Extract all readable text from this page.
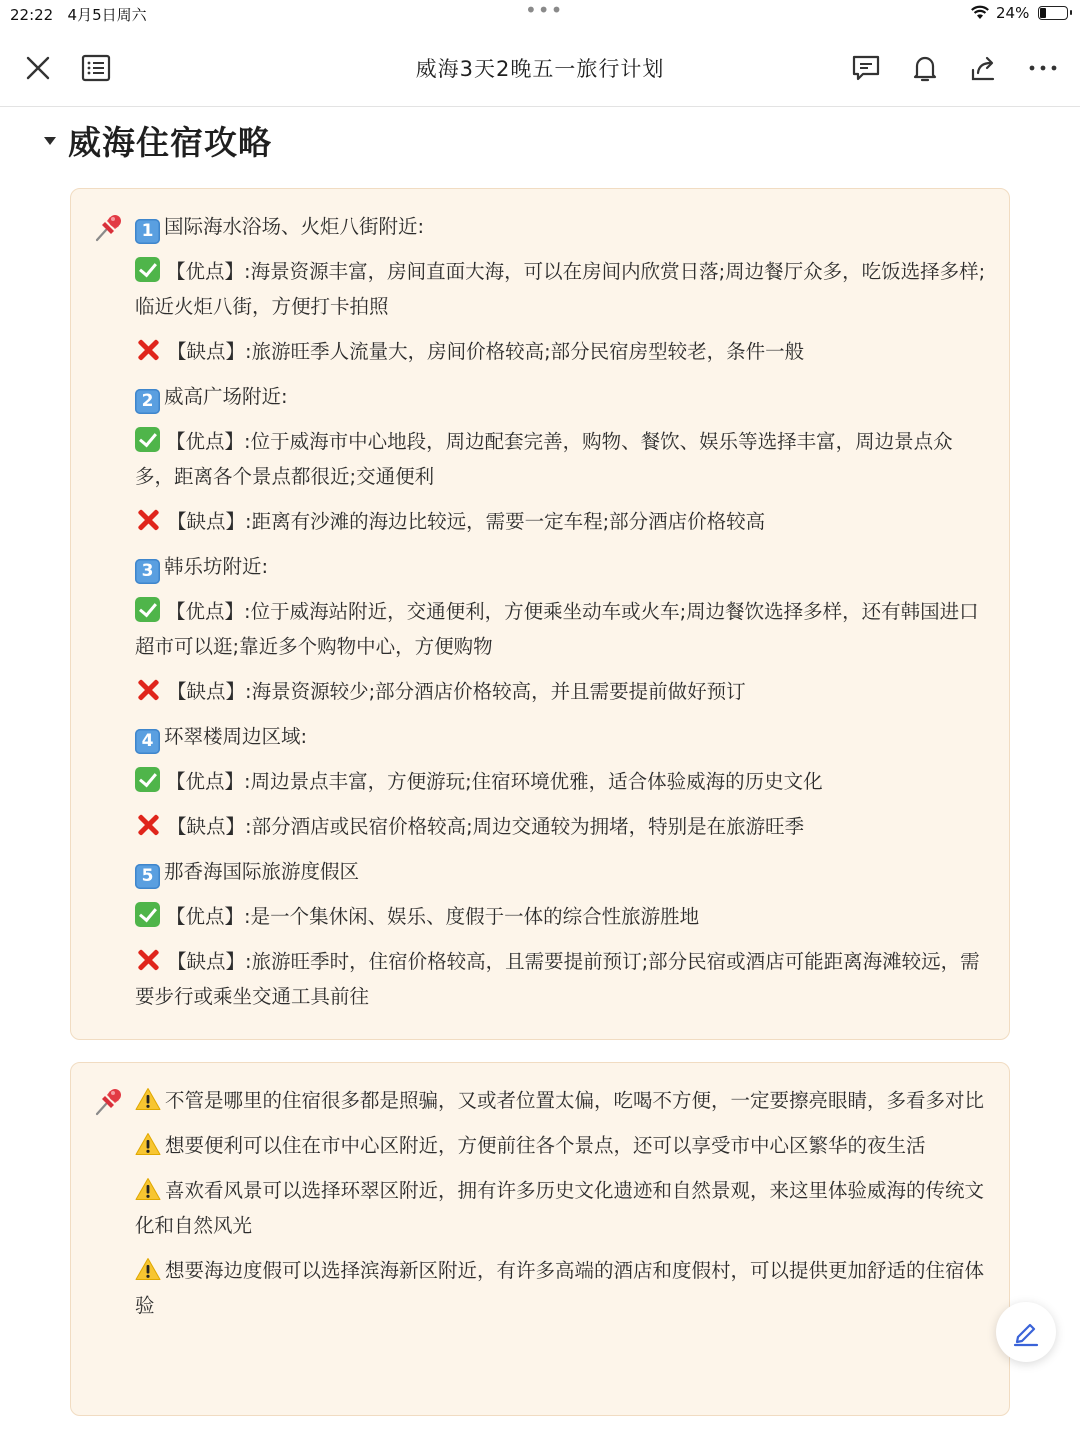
22:22 4月5日周六	•••	24%
威海3天2晚五一旅行计划
威海住宿攻略
1 国际海水浴场、火炬八街附近:
【优点】:海景资源丰富，房间直面大海，可以在房间内欣赏日落;周边餐厅众多，吃饭选择多样;临近火炬八街，方便打卡拍照
【缺点】:旅游旺季人流量大，房间价格较高;部分民宿房型较老，条件一般
2 威高广场附近:
【优点】:位于威海市中心地段，周边配套完善，购物、餐饮、娱乐等选择丰富，周边景点众多，距离各个景点都很近;交通便利
【缺点】:距离有沙滩的海边比较远，需要一定车程;部分酒店价格较高
3 韩乐坊附近:
【优点】:位于威海站附近，交通便利，方便乘坐动车或火车;周边餐饮选择多样，还有韩国进口超市可以逛;靠近多个购物中心，方便购物
【缺点】:海景资源较少;部分酒店价格较高，并且需要提前做好预订
4 环翠楼周边区域:
【优点】:周边景点丰富，方便游玩;住宿环境优雅，适合体验威海的历史文化
【缺点】:部分酒店或民宿价格较高;周边交通较为拥堵，特别是在旅游旺季
5 那香海国际旅游度假区
【优点】:是一个集休闲、娱乐、度假于一体的综合性旅游胜地
【缺点】:旅游旺季时，住宿价格较高，且需要提前预订;部分民宿或酒店可能距离海滩较远，需要步行或乘坐交通工具前往
不管是哪里的住宿很多都是照骗，又或者位置太偏，吃喝不方便，一定要擦亮眼睛，多看多对比
想要便利可以住在市中心区附近，方便前往各个景点，还可以享受市中心区繁华的夜生活
喜欢看风景可以选择环翠区附近，拥有许多历史文化遗迹和自然景观，来这里体验威海的传统文化和自然风光
想要海边度假可以选择滨海新区附近，有许多高端的酒店和度假村，可以提供更加舒适的住宿体验
